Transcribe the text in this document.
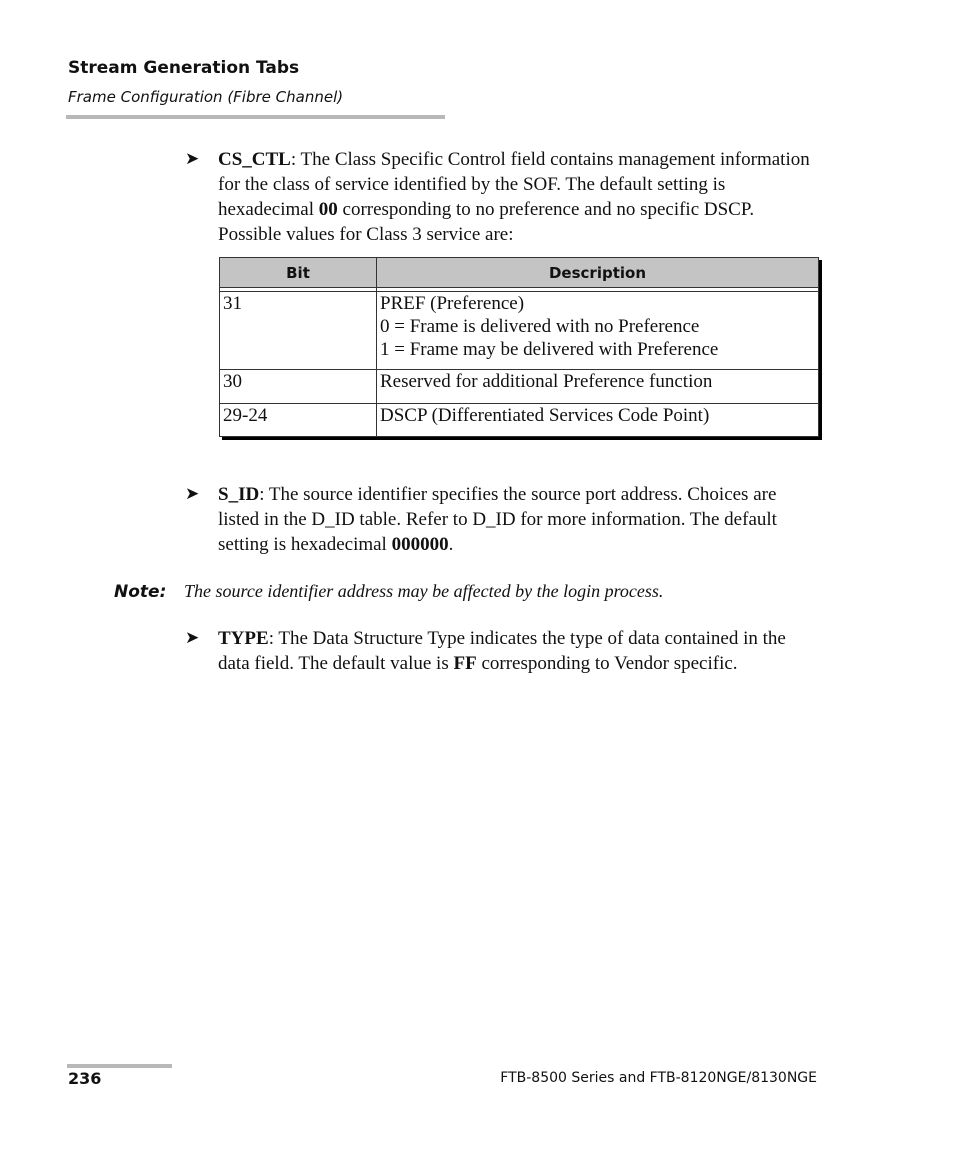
Stream Generation Tabs
Frame Configuration (Fibre Channel)
➤ CS_CTL: The Class Specific Control field contains management information for the class of service identified by the SOF. The default setting is hexadecimal 00 corresponding to no preference and no specific DSCP. Possible values for Class 3 service are:
Bit	Description

31	PREF (Preference)
0 = Frame is delivered with no Preference
1 = Frame may be delivered with Preference

30	Reserved for additional Preference function

29-24	DSCP (Differentiated Services Code Point)
➤ S_ID: The source identifier specifies the source port address. Choices are listed in the D_ID table. Refer to D_ID for more information. The default setting is hexadecimal 000000.
Note: The source identifier address may be affected by the login process.
➤ TYPE: The Data Structure Type indicates the type of data contained in the data field. The default value is FF corresponding to Vendor specific.
236	FTB-8500 Series and FTB-8120NGE/8130NGE
